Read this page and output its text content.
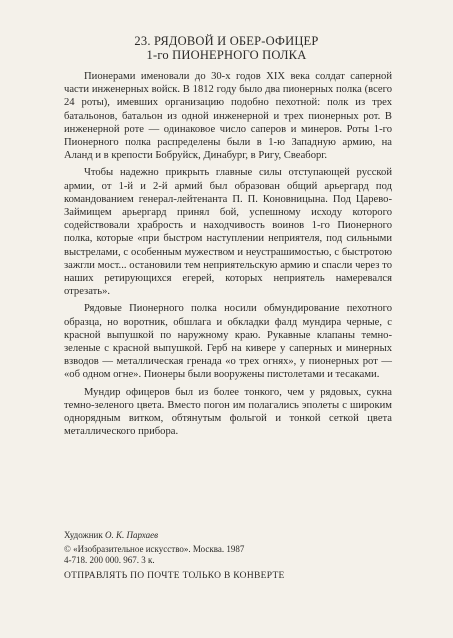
23. РЯДОВОЙ И ОБЕР-ОФИЦЕР
1-го ПИОНЕРНОГО ПОЛКА

Пионерами именовали до 30-х годов XIX века солдат саперной части инженерных войск. В 1812 году было два пионерных полка (всего 24 роты), имевших организацию подобно пехотной: полк из трех батальонов, батальон из одной инженерной и трех пионерных рот. В инженерной роте — одинаковое число саперов и минеров. Роты 1-го Пионерного полка распределены были в 1-ю Западную армию, на Аланд и в крепости Бобруйск, Динабург, в Ригу, Свеаборг.

Чтобы надежно прикрыть главные силы отступающей русской армии, от 1-й и 2-й армий был образован общий арьергард под командованием генерал-лейтенанта П. П. Коновницына. Под Царево-Займищем арьергард принял бой, успешному исходу которого содействовали храбрость и находчивость воинов 1-го Пионерного полка, которые «при быстром наступлении неприятеля, под сильными выстрелами, с особенным мужеством и неустрашимостью, с быстротою зажгли мост... остановили тем неприятельскую армию и спасли через то наших ретирующихся егерей, которых неприятель намеревался отрезать».

Рядовые Пионерного полка носили обмундирование пехотного образца, но воротник, обшлага и обкладки фалд мундира черные, с красной выпушкой по наружному краю. Рукавные клапаны темно-зеленые с красной выпушкой. Герб на кивере у саперных и минерных взводов — металлическая гренада «о трех огнях», у пионерных рот — «об одном огне». Пионеры были вооружены пистолетами и тесаками.

Мундир офицеров был из более тонкого, чем у рядовых, сукна темно-зеленого цвета. Вместо погон им полагались эполеты с широким однорядным витком, обтянутым фольгой и тонкой сеткой цвета металлического прибора.

Художник О. К. Пархаев
© «Изобразительное искусство». Москва. 1987
4-718. 200 000. 967. 3 к.
ОТПРАВЛЯТЬ ПО ПОЧТЕ ТОЛЬКО В КОНВЕРТЕ
